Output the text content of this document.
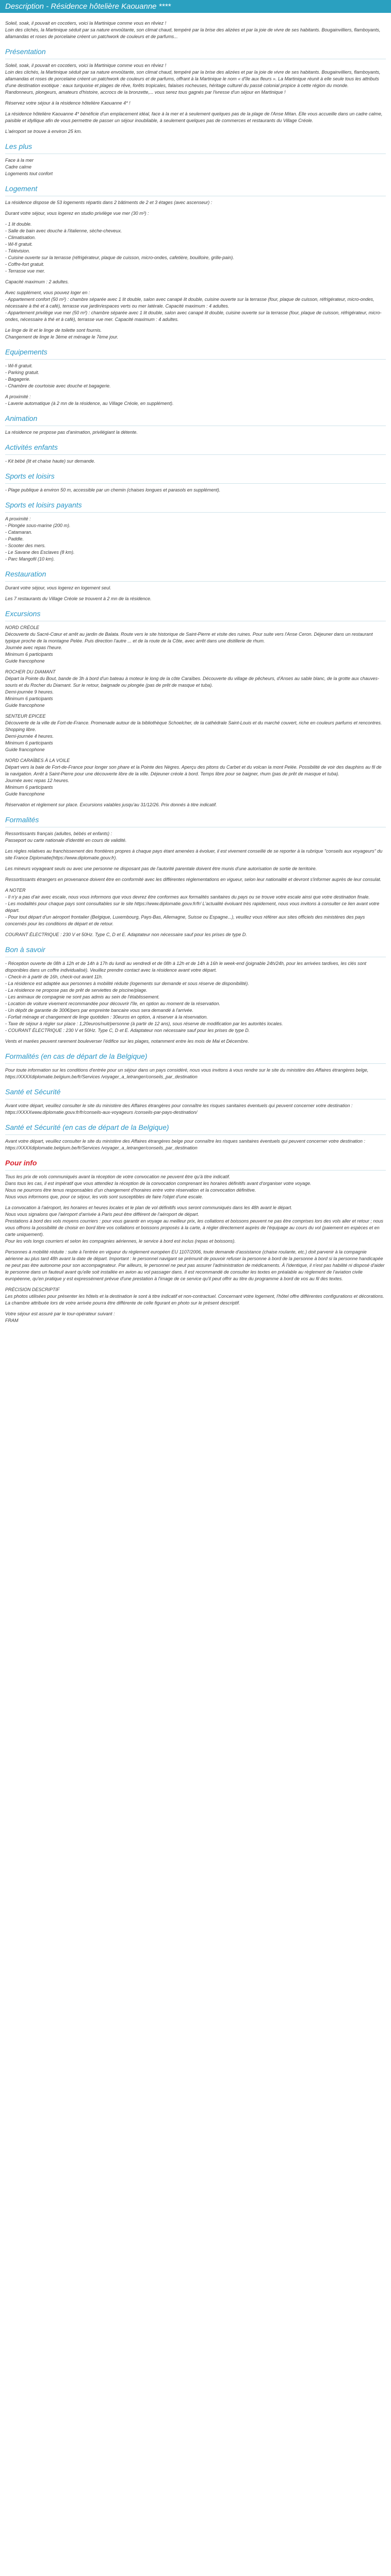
Description - Résidence hôtelière Kaouanne ****

Soleil, soak, il pouvait en cocotiers, voici la Martinique comme vous en rêviez !
Loin des clichés, la Martinique séduit par sa nature envoûtante, son climat chaud, tempéré par la brise des alizées et par la joie de vivre de ses habitants. Bougainvilliers, flamboyants, allamandas et roses de porcelaine créent un patchwork de couleurs et de parfums...

Présentation

Soleil, soak, il pouvait en cocotiers, voici la Martinique comme vous en rêviez !
Loin des clichés, la Martinique séduit par sa nature envoûtante, son climat chaud, tempéré par la brise des alizées et par la joie de vivre de ses habitants. Bougainvilliers, flamboyants, allamandas et roses de porcelaine créent un patchwork de couleurs et de parfums, offrant à la Martinique le nom « d'île aux fleurs ». La Martinique réunit à elle seule tous les attributs d'une destination exotique : eaux turquoise et plages de rêve, forêts tropicales, falaises rocheuses, héritage culturel du passé colonial propice à cette région du monde.
Randonneurs, plongeurs, amateurs d'histoire, accrocs de la bronzette,... vous serez tous gagnés par l'ivresse d'un séjour en Martinique !

Réservez votre séjour à la résidence hôtelière Kaouanne 4* !

La résidence hôtelière Kaouanne 4* bénéficie d'un emplacement idéal, face à la mer et à seulement quelques pas de la plage de l'Anse Mitan. Elle vous accueille dans un cadre calme, paisible et idyllique afin de vous permettre de passer un séjour inoubliable, à seulement quelques pas de commerces et restaurants du Village Créole.

L'aéroport se trouve à environ 25 km.

Les plus

Face à la mer
Cadre calme
Logements tout confort

Logement

La résidence dispose de 53 logements répartis dans 2 bâtiments de 2 et 3 étages (avec ascenseur) :

Durant votre séjour, vous logerez en studio privilège vue mer (30 m²) :

- 1 lit double.
- Salle de bain avec douche à l'italienne, sèche-cheveux.
- Climatisation.
- Wi-fi gratuit.
- Télévision.
- Cuisine ouverte sur la terrasse (réfrigérateur, plaque de cuisson, micro-ondes, cafetière, bouilloire, grille-pain).
- Coffre-fort gratuit.
- Terrasse vue mer.

Capacité maximum : 2 adultes.

Avec supplément, vous pouvez loger en :
- Appartement confort (50 m²) : chambre séparée avec 1 lit double, salon avec canapé lit double, cuisine ouverte sur la terrasse (four, plaque de cuisson, réfrigérateur, micro-ondes, nécessaire à thé et à café), terrasse vue jardin/espaces verts ou mer latérale. Capacité maximum : 4 adultes.
- Appartement privilège vue mer (50 m²) : chambre séparée avec 1 lit double, salon avec canapé lit double, cuisine ouverte sur la terrasse (four, plaque de cuisson, réfrigérateur, micro-ondes, nécessaire à thé et à café), terrasse vue mer. Capacité maximum : 4 adultes.

Le linge de lit et le linge de toilette sont fournis.
Changement de linge le 3ème et ménage le 7ème jour.

Equipements

- Wi-fi gratuit.
- Parking gratuit.
- Bagagerie.
- Chambre de courtoisie avec douche et bagagerie.

A proximité :
- Laverie automatique (à 2 mn de la résidence, au Village Créole, en supplément).

Animation

La résidence ne propose pas d'animation, privilégiant la détente.

Activités enfants

- Kit bébé (lit et chaise haute) sur demande.

Sports et loisirs

- Plage publique à environ 50 m, accessible par un chemin (chaises longues et parasols en supplément).

Sports et loisirs payants

A proximité :
- Plongée sous-marine (200 m).
- Catamaran.
- Paddle.
- Scooter des mers.
- Le Savane des Esclaves (8 km).
- Parc Mangofil (10 km).

Restauration

Durant votre séjour, vous logerez en logement seul.

Les 7 restaurants du Village Créole se trouvent à 2 mn de la résidence.

Excursions

NORD CRÉOLE
Découverte du Sacré-Cœur et arrêt au jardin de Balata. Route vers le site historique de Saint-Pierre et visite des ruines. Pour suite vers l'Anse Ceron. Déjeuner dans un restaurant typique proche de la montagne Pelée. Puis direction l'autre ... et de la route de la Côte, avec arrêt dans une distillerie de rhum.
Journée avec repas l'heure.
Minimum 6 participants
Guide francophone

ROCHER DU DIAMANT
Départ la Pointe du Bout, bande de 3h à bord d'un bateau à moteur le long de la côte Caraïbes. Découverte du village de pêcheurs, d'Anses au sable blanc, de la grotte aux chauves-souris et du Rocher du Diamant. Sur le retour, baignade ou plongée (pas de prêt de masque et tuba).
Demi-journée 9 heures.
Minimum 6 participants
Guide francophone

SENTEUR EPICEE
Découverte de la ville de Fort-de-France. Promenade autour de la bibliothèque Schoelcher, de la cathédrale Saint-Louis et du marché couvert, riche en couleurs parfums et rencontres. Shopping libre.
Demi-journée 4 heures.
Minimum 6 participants
Guide francophone

NORD CARAÏBES À LA VOILE
Départ vers la baie de Fort-de-France pour longer son phare et la Pointe des Nègres. Aperçu des pitons du Carbet et du volcan la mont Pelée. Possibilité de voir des dauphins au fil de la navigation. Arrêt à Saint-Pierre pour une découverte libre de la ville. Déjeuner créole à bord. Temps libre pour se baigner, rhum (pas de prêt de masque et tuba).
Journée avec repas 12 heures.
Minimum 6 participants
Guide francophone

Réservation et règlement sur place. Excursions valables jusqu'au 31/12/26. Prix donnés à titre indicatif.

Formalités

Ressortissants français (adultes, bébés et enfants) :
Passeport ou carte nationale d'identité en cours de validité.

Les règles relatives au franchissement des frontières propres à chaque pays étant amenées à évoluer, il est vivement conseillé de se reporter à la rubrique "conseils aux voyageurs" du site France Diplomatie(https://www.diplomatie.gouv.fr).

Les mineurs voyageant seuls ou avec une personne ne disposant pas de l'autorité parentale doivent être munis d'une autorisation de sortie de territoire.

Ressortissants étrangers en provenance doivent être en conformité avec les différentes réglementations en vigueur, selon leur nationalité et devront s'informer auprès de leur consulat.

A NOTER
- Il n'y a pas d'air avec escale, nous vous informons que vous devrez être conformes aux formalités sanitaires du pays ou se trouve votre escale ainsi que votre destination finale.
- Les modalités pour chaque pays sont consultables sur le site https://www.diplomatie.gouv.fr/fr/ L'actualité évoluant très rapidement, nous vous invitons à consulter ce lien avant votre départ.
- Pour tout départ d'un aéroport frontalier (Belgique, Luxembourg, Pays-Bas, Allemagne, Suisse ou Espagne...), veuillez vous référer aux sites officiels des ministères des pays concernés pour les conditions de départ et de retour.

COURANT ÉLECTRIQUE : 230 V et 50Hz. Type C, D et E. Adaptateur non nécessaire sauf pour les prises de type D.

Bon à savoir

- Réception ouverte de 08h à 12h et de 14h à 17h du lundi au vendredi et de 08h à 12h et de 14h à 16h le week-end (joignable 24h/24h, pour les arrivées tardives, les clés sont disponibles dans un coffre individualisé). Veuillez prendre contact avec la résidence avant votre départ.
- Check-in à partir de 16h, check-out avant 11h.
- La résidence est adaptée aux personnes à mobilité réduite (logements sur demande et sous réserve de disponibilité).
- La résidence ne propose pas de prêt de serviettes de piscine/plage.
- Les animaux de compagnie ne sont pas admis au sein de l'établissement.
- Location de voiture vivement recommandée pour découvrir l'île, en option au moment de la réservation.
- Un dépôt de garantie de 300€/pers par empreinte bancaire vous sera demandé à l'arrivée.
- Forfait ménage et changement de linge quotidien : 30euros en option, à réserver à la réservation.
- Taxe de séjour à régler sur place : 1,20euros/nuit/personne (à partir de 12 ans), sous réserve de modification par les autorités locales.
- COURANT ÉLECTRIQUE : 230 V et 50Hz. Type C, D et E. Adaptateur non nécessaire sauf pour les prises de type D.

Vents et marées peuvent rarement bouleverser l'édifice sur les plages, notamment entre les mois de Mai et Décembre.

Formalités (en cas de départ de la Belgique)

Pour toute information sur les conditions d'entrée pour un séjour dans un pays considéré, nous vous invitons à vous rendre sur le site du ministère des Affaires étrangères belge, https://XXXXdiplomatie.belgium.be/fr/Services /voyager_a_letranger/conseils_par_destination

Santé et Sécurité

Avant votre départ, veuillez consulter le site du ministère des Affaires étrangères pour connaître les risques sanitaires éventuels qui peuvent concerner votre destination : https://XXXXwww.diplomatie.gouv.fr/fr/conseils-aux-voyageurs /conseils-par-pays-destination/

Santé et Sécurité (en cas de départ de la Belgique)

Avant votre départ, veuillez consulter le site du ministère des Affaires étrangères belge pour connaître les risques sanitaires éventuels qui peuvent concerner votre destination : https://XXXXdiplomatie.belgium.be/fr/Services /voyager_a_letranger/conseils_par_destination

Pour info

Tous les prix de vols communiqués avant la réception de votre convocation ne peuvent être qu'à titre indicatif.
Dans tous les cas, il est impératif que vous attendiez la réception de la convocation comprenant les horaires définitifs avant d'organiser votre voyage.
Nous ne pourrons être tenus responsables d'un changement d'horaires entre votre réservation et la convocation définitive.
Nous vous informons que, pour ce séjour, les vols sont susceptibles de faire l'objet d'une escale.

La convocation à l'aéroport, les horaires et heures locales et le plan de vol définitifs vous seront communiqués dans les 48h avant le départ.
Nous vous signalons que l'aéroport d'arrivée à Paris peut être différent de l'aéroport de départ.
Prestations à bord des vols moyens courriers : pour vous garantir en voyage au meilleur prix, les collations et boissons peuvent ne pas être comprises lors des vols aller et retour ; nous vous offrons la possibilité de choisir en bord libre vos collations et boissons proposés à la carte, à régler directement auprès de l'équipage au cours du vol (paiement en espèces et en carte uniquement).
Pour les vols longs courriers et selon les compagnies aériennes, le service à bord est inclus (repas et boissons).

Personnes à mobilité réduite : suite à l'entrée en vigueur du règlement européen EU 1107/2006, toute demande d'assistance (chaise roulante, etc.) doit parvenir à la compagnie aérienne au plus tard 48h avant la date de départ. Important : le personnel navigant se prémunit de pouvoir refuser la personne à bord de la personne à bord si la personne handicapée ne peut pas être autonome pour son accompagnateur. Par ailleurs, le personnel ne peut pas assurer l'administration de médicaments. À l'identique, il n'est pas habilité ni disposé d'aider le personne dans un fauteuil avant qu'elle soit installée en avion au vol passager dans. Il est recommandé de consulter les textes en préalable au règlement de l'aviation civile européenne, qu'en pratique y est expressément prévue d'une prestation à l'image de ce service qu'il peut offrir au titre du programme à bord de vos au fil des textes.

PRÉCISION DESCRIPTIF
Les photos utilisées pour présenter les hôtels et la destination le sont à titre indicatif et non-contractuel. Concernant votre logement, l'hôtel offre différentes configurations et décorations. La chambre attribuée lors de votre arrivée pourra être différente de celle figurant en photo sur le présent descriptif.

Votre séjour est assuré par le tour-opérateur suivant :
FRAM
